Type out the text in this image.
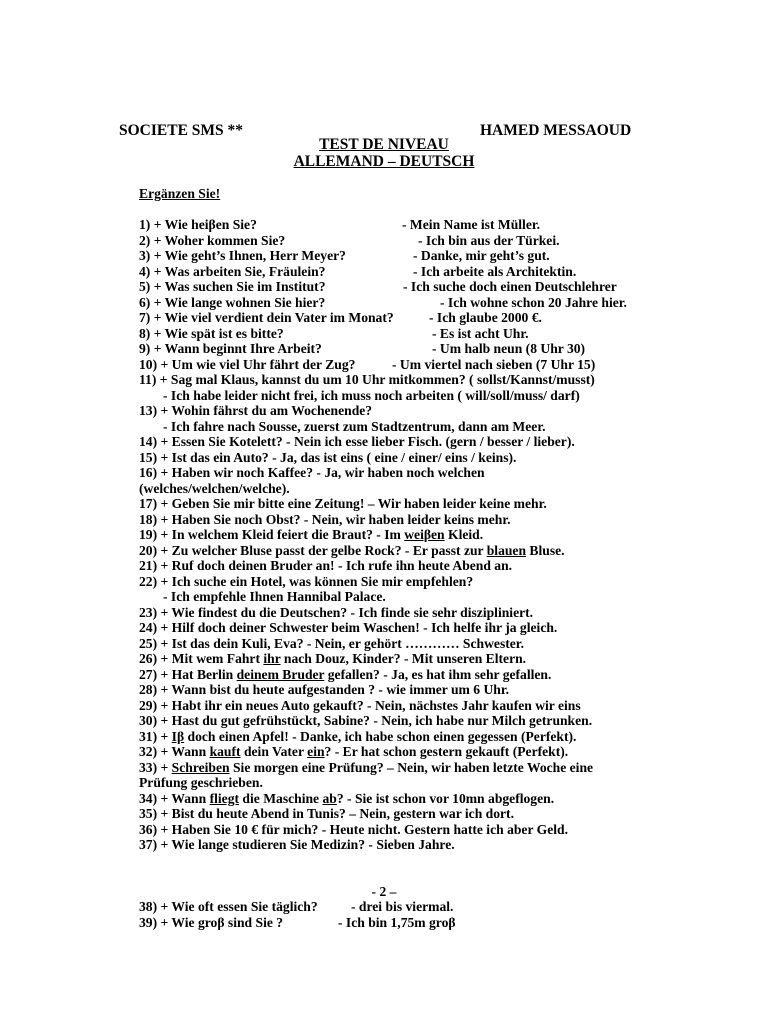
SOCIETE SMS **	HAMED MESSAOUD
TEST DE NIVEAU
ALLEMAND – DEUTSCH
Ergänzen Sie!
1) + Wie heiβen Sie?	- Mein Name ist Müller.
2) + Woher kommen Sie?	- Ich bin aus der Türkei.
3) + Wie geht’s Ihnen, Herr Meyer?	- Danke, mir geht’s gut.
4) + Was arbeiten Sie, Fräulein?	- Ich arbeite als Architektin.
5) + Was suchen Sie im Institut?	- Ich suche doch einen Deutschlehrer
6) + Wie lange wohnen Sie hier?	- Ich wohne schon 20 Jahre hier.
7) + Wie viel verdient dein Vater im Monat?	- Ich glaube 2000 €.
8) + Wie spät ist es bitte?	- Es ist acht Uhr.
9) + Wann beginnt Ihre Arbeit?	- Um halb neun (8 Uhr 30)
10) + Um wie viel Uhr fährt der Zug?	- Um viertel nach sieben (7 Uhr 15)
11) + Sag mal Klaus, kannst du um 10 Uhr mitkommen? ( sollst/Kannst/musst)
- Ich habe leider nicht frei, ich muss noch arbeiten ( will/soll/muss/ darf)
13) + Wohin fährst du am Wochenende?
- Ich fahre nach Sousse, zuerst zum Stadtzentrum, dann am Meer.
14) + Essen Sie Kotelett? - Nein ich esse lieber Fisch. (gern / besser / lieber).
15) + Ist das ein Auto? - Ja, das ist eins ( eine / einer/ eins / keins).
16) + Haben wir noch Kaffee? - Ja, wir haben noch welchen
(welches/welchen/welche).
17) + Geben Sie mir bitte eine Zeitung! – Wir haben leider keine mehr.
18) + Haben Sie noch Obst? - Nein, wir haben leider keins mehr.
19) + In welchem Kleid feiert die Braut? - Im weiβen Kleid.
20) + Zu welcher Bluse passt der gelbe Rock? - Er passt zur blauen Bluse.
21) + Ruf doch deinen Bruder an! - Ich rufe ihn heute Abend an.
22) + Ich suche ein Hotel, was können Sie mir empfehlen?
- Ich empfehle Ihnen Hannibal Palace.
23) + Wie findest du die Deutschen? - Ich finde sie sehr diszipliniert.
24) + Hilf doch deiner Schwester beim Waschen! - Ich helfe ihr ja gleich.
25) + Ist das dein Kuli, Eva? - Nein, er gehört ………… Schwester.
26) + Mit wem Fahrt ihr nach Douz, Kinder? - Mit unseren Eltern.
27) + Hat Berlin deinem Bruder gefallen? - Ja, es hat ihm sehr gefallen.
28) + Wann bist du heute aufgestanden ? - wie immer um 6 Uhr.
29) + Habt ihr ein neues Auto gekauft? - Nein, nächstes Jahr kaufen wir eins
30) + Hast du gut gefrühstückt, Sabine? - Nein, ich habe nur Milch getrunken.
31) + Iβ doch einen Apfel! - Danke, ich habe schon einen gegessen (Perfekt).
32) + Wann kauft dein Vater ein? - Er hat schon gestern gekauft (Perfekt).
33) + Schreiben Sie morgen eine Prüfung? – Nein, wir haben letzte Woche eine
Prüfung geschrieben.
34) + Wann fliegt die Maschine ab? - Sie ist schon vor 10mn abgeflogen.
35) + Bist du heute Abend in Tunis? – Nein, gestern war ich dort.
36) + Haben Sie 10 € für mich? - Heute nicht. Gestern hatte ich aber Geld.
37) + Wie lange studieren Sie Medizin? - Sieben Jahre.
- 2 –
38) + Wie oft essen Sie täglich? - drei bis viermal.
39) + Wie groβ sind Sie ?	- Ich bin 1,75m groβ
